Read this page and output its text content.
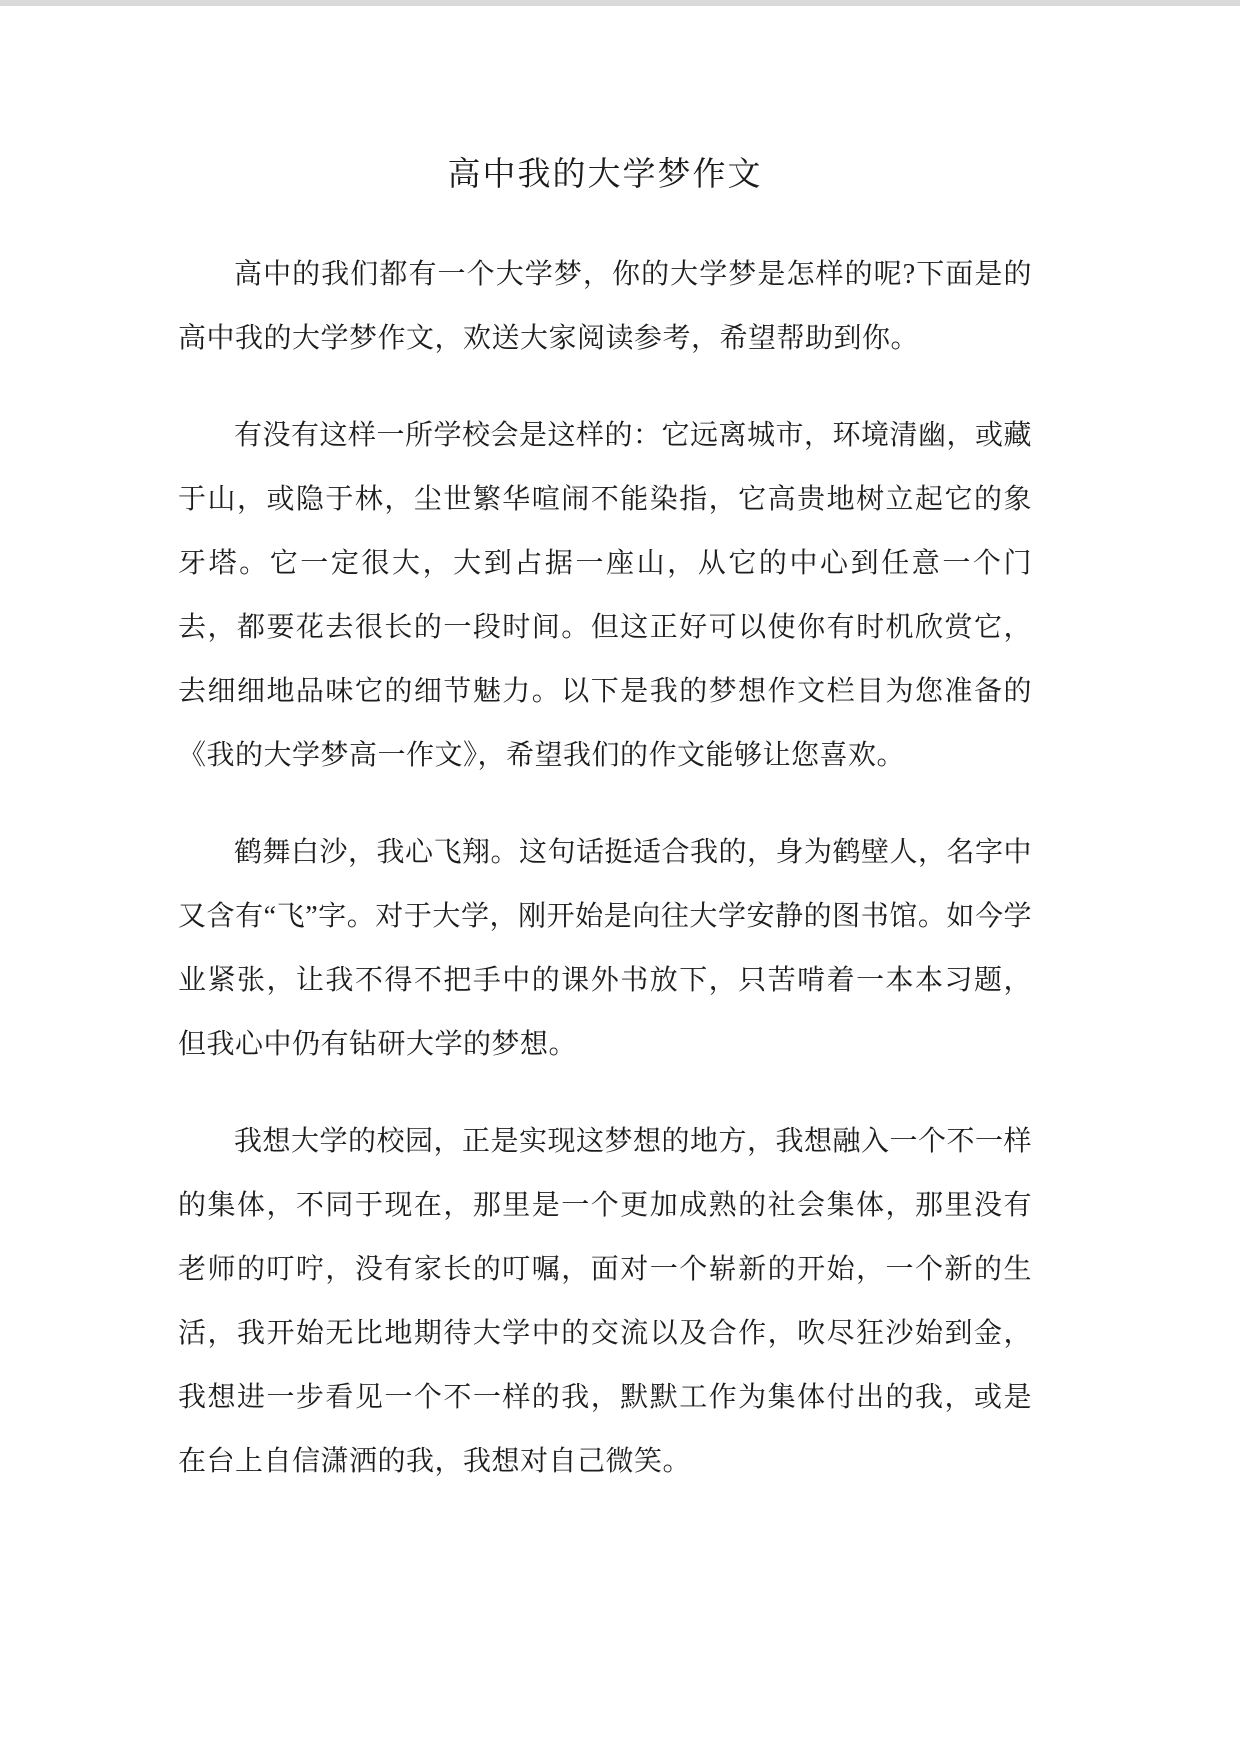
高中我的大学梦作文

高中的我们都有一个大学梦，你的大学梦是怎样的呢?下面是的高中我的大学梦作文，欢送大家阅读参考，希望帮助到你。

有没有这样一所学校会是这样的：它远离城市，环境清幽，或藏于山，或隐于林，尘世繁华喧闹不能染指，它高贵地树立起它的象牙塔。它一定很大，大到占据一座山，从它的中心到任意一个门去，都要花去很长的一段时间。但这正好可以使你有时机欣赏它，去细细地品味它的细节魅力。以下是我的梦想作文栏目为您准备的《我的大学梦高一作文》，希望我们的作文能够让您喜欢。

鹤舞白沙，我心飞翔。这句话挺适合我的，身为鹤壁人，名字中又含有“飞”字。对于大学，刚开始是向往大学安静的图书馆。如今学业紧张，让我不得不把手中的课外书放下，只苦啃着一本本习题，但我心中仍有钻研大学的梦想。

我想大学的校园，正是实现这梦想的地方，我想融入一个不一样的集体，不同于现在，那里是一个更加成熟的社会集体，那里没有老师的叮咛，没有家长的叮嘱，面对一个崭新的开始，一个新的生活，我开始无比地期待大学中的交流以及合作，吹尽狂沙始到金，我想进一步看见一个不一样的我，默默工作为集体付出的我，或是在台上自信潇洒的我，我想对自己微笑。
